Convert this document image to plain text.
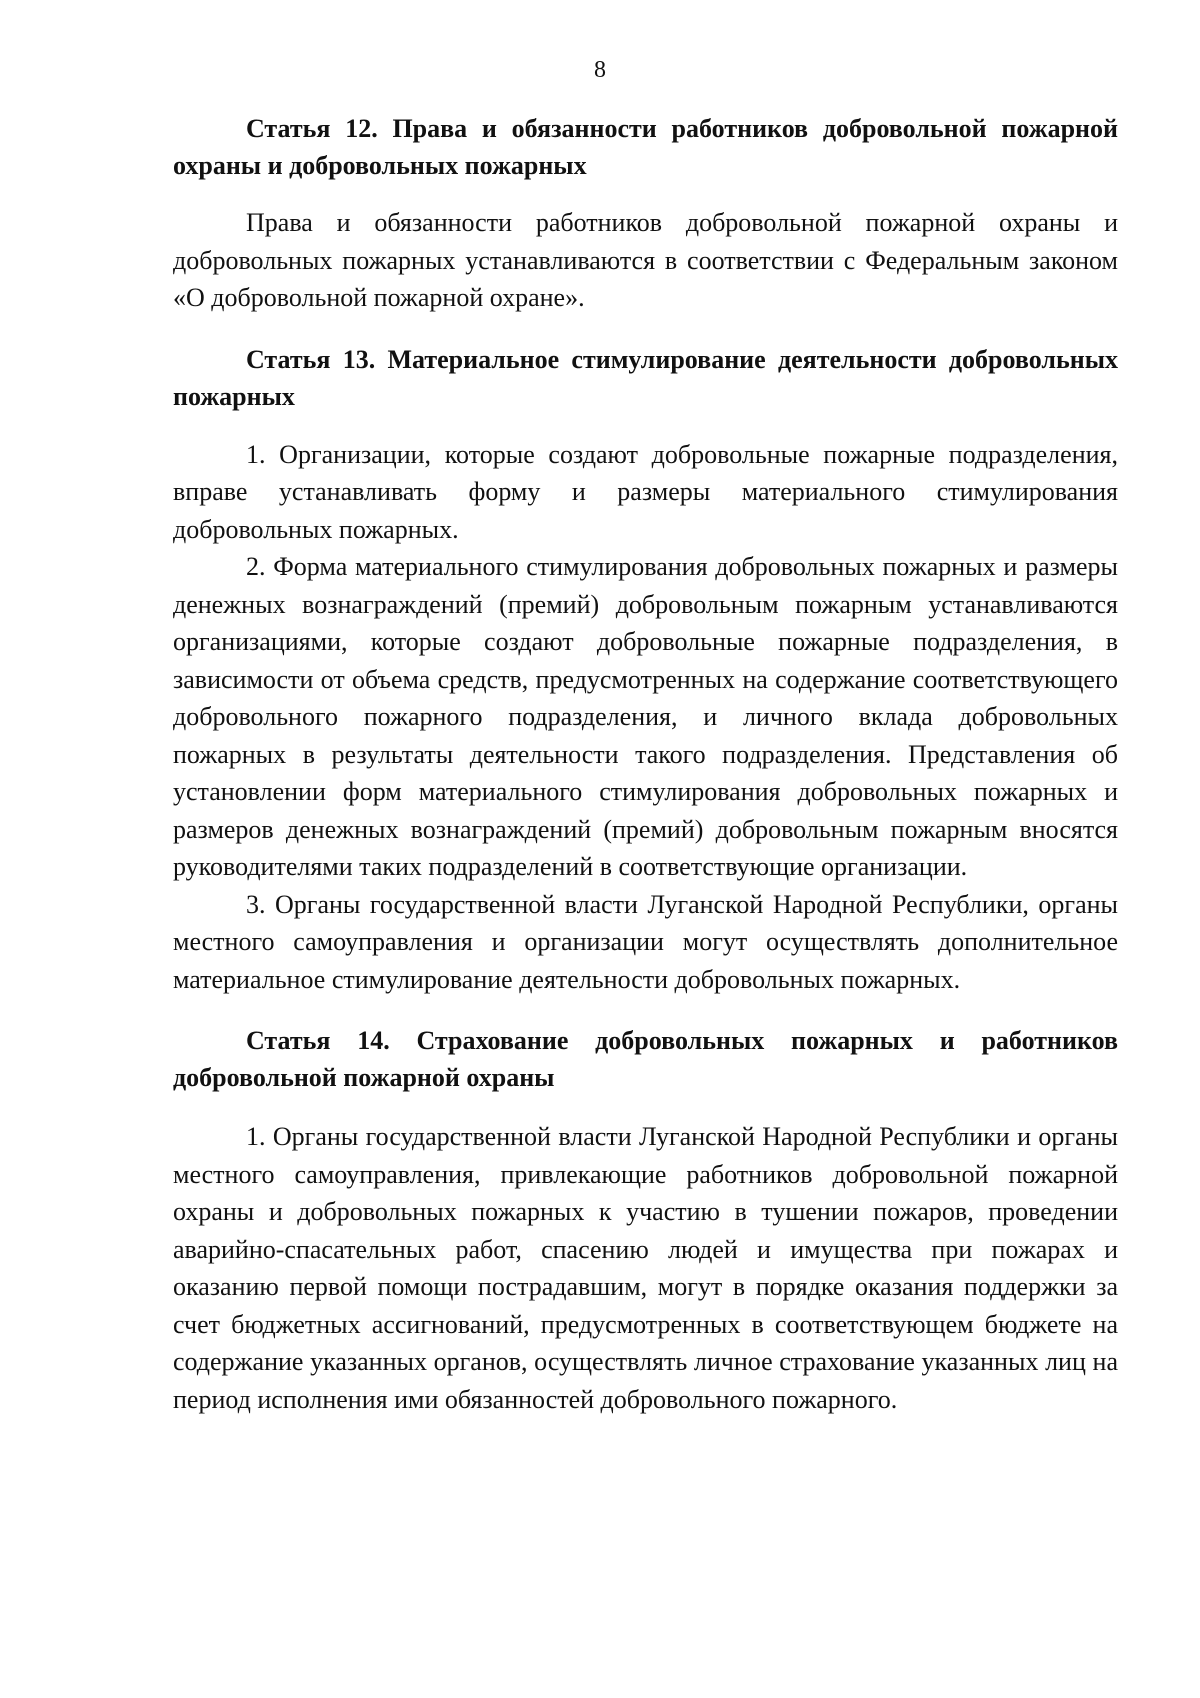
8

Статья 12. Права и обязанности работников добровольной пожарной охраны и добровольных пожарных

Права и обязанности работников добровольной пожарной охраны и добровольных пожарных устанавливаются в соответствии с Федеральным законом «О добровольной пожарной охране».

Статья 13. Материальное стимулирование деятельности добровольных пожарных

1. Организации, которые создают добровольные пожарные подразделения, вправе устанавливать форму и размеры материального стимулирования добровольных пожарных.

2. Форма материального стимулирования добровольных пожарных и размеры денежных вознаграждений (премий) добровольным пожарным устанавливаются организациями, которые создают добровольные пожарные подразделения, в зависимости от объема средств, предусмотренных на содержание соответствующего добровольного пожарного подразделения, и личного вклада добровольных пожарных в результаты деятельности такого подразделения. Представления об установлении форм материального стимулирования добровольных пожарных и размеров денежных вознаграждений (премий) добровольным пожарным вносятся руководителями таких подразделений в соответствующие организации.

3. Органы государственной власти Луганской Народной Республики, органы местного самоуправления и организации могут осуществлять дополнительное материальное стимулирование деятельности добровольных пожарных.

Статья 14. Страхование добровольных пожарных и работников добровольной пожарной охраны

1. Органы государственной власти Луганской Народной Республики и органы местного самоуправления, привлекающие работников добровольной пожарной охраны и добровольных пожарных к участию в тушении пожаров, проведении аварийно-спасательных работ, спасению людей и имущества при пожарах и оказанию первой помощи пострадавшим, могут в порядке оказания поддержки за счет бюджетных ассигнований, предусмотренных в соответствующем бюджете на содержание указанных органов, осуществлять личное страхование указанных лиц на период исполнения ими обязанностей добровольного пожарного.
